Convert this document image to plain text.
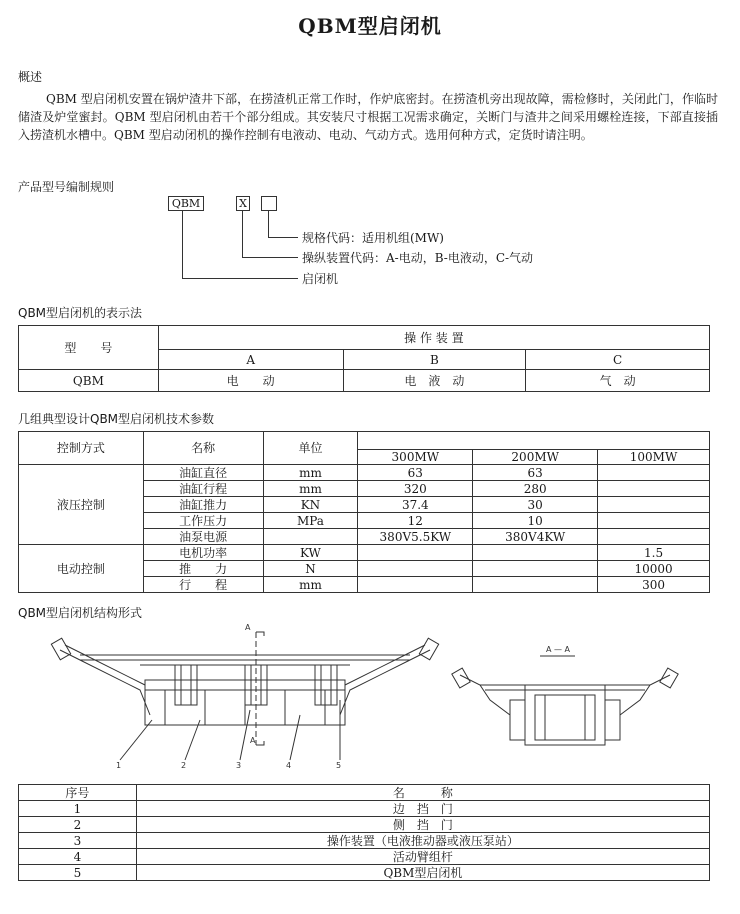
QBM型启闭机
概述
QBM 型启闭机安置在锅炉渣井下部，在捞渣机正常工作时，作炉底密封。在捞渣机旁出现故障，需检修时，关闭此门，作临时储渣及炉堂蜜封。QBM 型启闭机由若干个部分组成。其安装尺寸根据工况需求确定，关断门与渣井之间采用螺栓连接，下部直接插入捞渣机水槽中。QBM 型启动闭机的操作控制有电液动、电动、气动方式。选用何种方式，定货时请注明。
产品型号编制规则
QBM	X
规格代码：适用机组(MW)
操纵装置代码：A-电动，B-电液动，C-气动
启闭机
QBM型启闭机的表示法
型　　号	操 作 装 置		
	A	B	C
QBM	电　　动	电　液　动	气　动
几组典型设计QBM型启闭机技术参数
控制方式	名称	单位			
			300MW	200MW	100MW
液压控制	油缸直径	mm	63	63	
	油缸行程	mm	320	280	
	油缸推力	KN	37.4	30	
	工作压力	MPa	12	10	
	油泵电源		380V5.5KW	380V4KW	
电动控制	电机功率	KW			1.5
	推　　力	N			10000
	行　　程	mm			300
QBM型启闭机结构形式
A
A
1	2	3	4	5
A — A
序号	名　　　称
1	边　挡　门
2	侧　挡　门
3	操作装置（电液推动器或液压泵站）
4	活动臂组杆
5	QBM型启闭机
